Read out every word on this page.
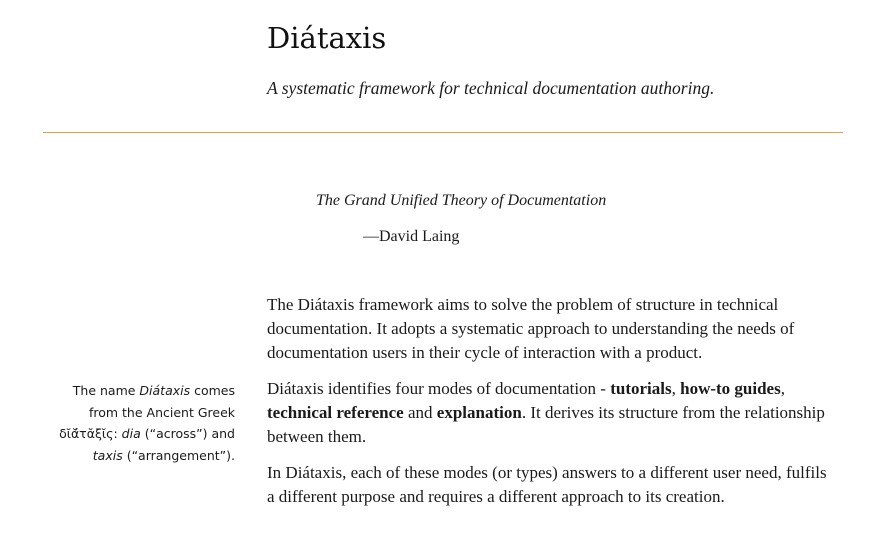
Diátaxis

A systematic framework for technical documentation authoring.

The Grand Unified Theory of Documentation

—David Laing

The name Diátaxis comes from the Ancient Greek δῐᾰ́τᾰξῐς: dia (“across”) and taxis (“arrangement”).

The Diátaxis framework aims to solve the problem of structure in technical documentation. It adopts a systematic approach to understanding the needs of documentation users in their cycle of interaction with a product.

Diátaxis identifies four modes of documentation - tutorials, how-to guides, technical reference and explanation. It derives its structure from the relationship between them.

In Diátaxis, each of these modes (or types) answers to a different user need, fulfils a different purpose and requires a different approach to its creation.
